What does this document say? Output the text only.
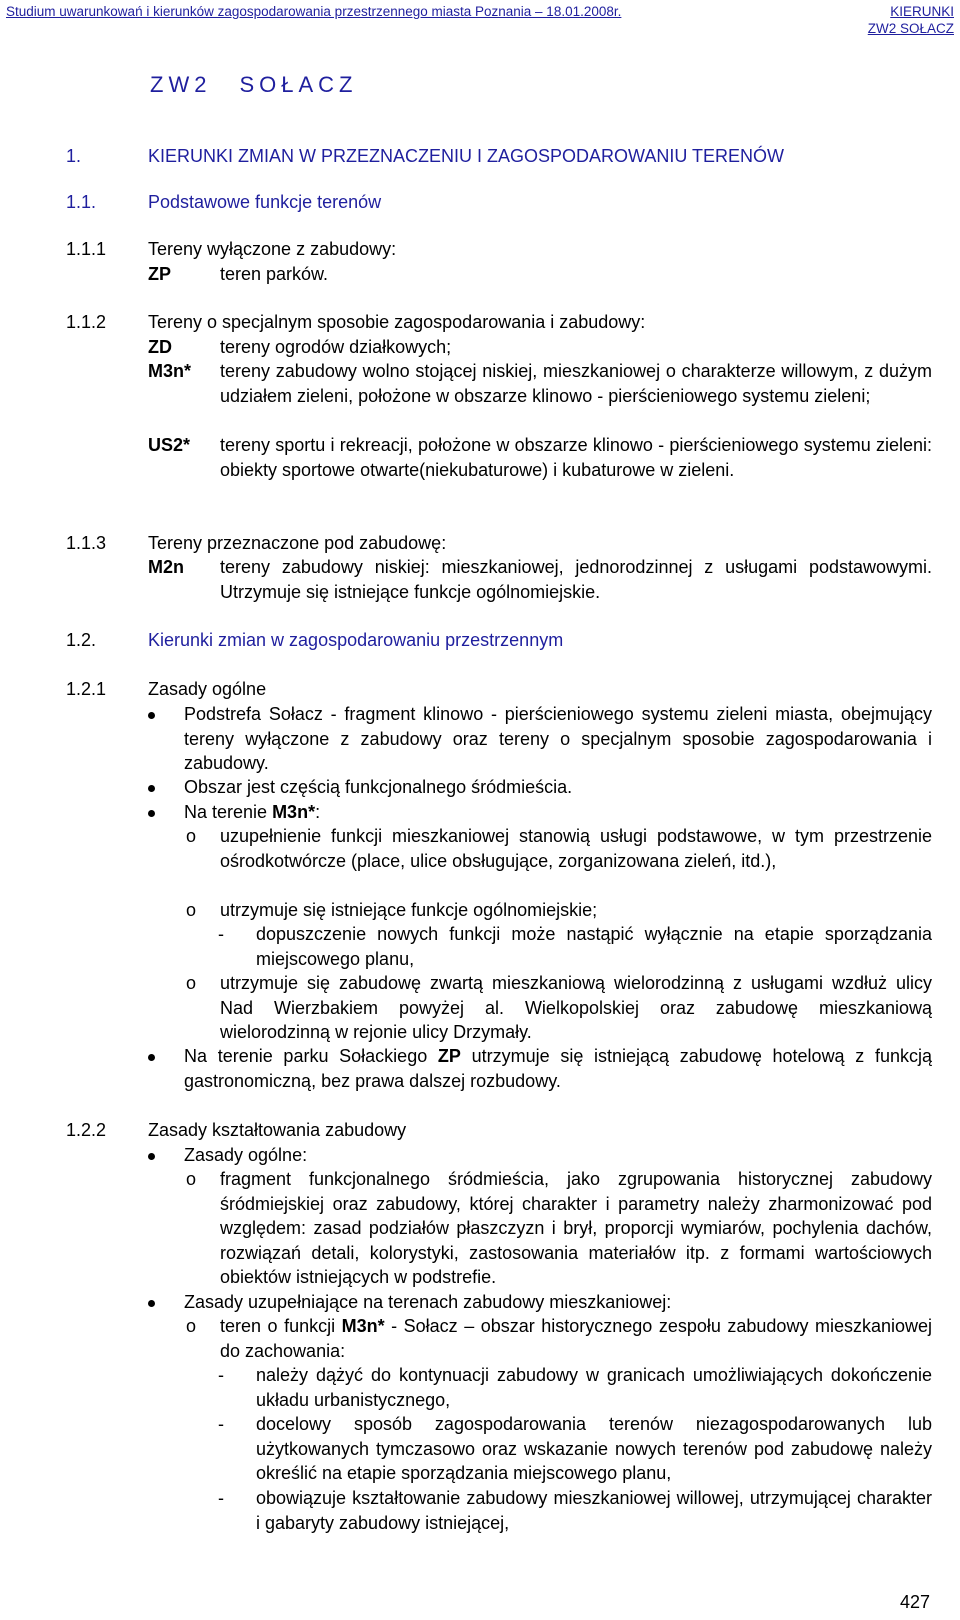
Studium uwarunkowań i kierunków zagospodarowania przestrzennego miasta Poznania – 18.01.2008r.	KIERUNKI
ZW2 SOŁACZ
ZW2 SOŁACZ
1.	KIERUNKI ZMIAN W PRZEZNACZENIU I ZAGOSPODAROWANIU TERENÓW
1.1.	Podstawowe funkcje terenów
1.1.1 Tereny wyłączone z zabudowy:
ZP	teren parków.
1.1.2 Tereny o specjalnym sposobie zagospodarowania i zabudowy:
ZD	tereny ogrodów działkowych;
M3n* tereny zabudowy wolno stojącej niskiej, mieszkaniowej o charakterze willowym, z dużym udziałem zieleni, położone w obszarze klinowo - pierścieniowego systemu zieleni;
US2* tereny sportu i rekreacji, położone w obszarze klinowo - pierścieniowego systemu zieleni: obiekty sportowe otwarte(niekubaturowe) i kubaturowe w zieleni.
1.1.3 Tereny przeznaczone pod zabudowę:
M2n tereny zabudowy niskiej: mieszkaniowej, jednorodzinnej z usługami podstawowymi. Utrzymuje się istniejące funkcje ogólnomiejskie.
1.2.	Kierunki zmian w zagospodarowaniu przestrzennym
1.2.1 Zasady ogólne
Podstrefa Sołacz - fragment klinowo - pierścieniowego systemu zieleni miasta, obejmujący tereny wyłączone z zabudowy oraz tereny o specjalnym sposobie zagospodarowania i zabudowy.
Obszar jest częścią funkcjonalnego śródmieścia.
Na terenie M3n*:
o uzupełnienie funkcji mieszkaniowej stanowią usługi podstawowe, w tym przestrzenie ośrodkotwórcze (place, ulice obsługujące, zorganizowana zieleń, itd.),
o utrzymuje się istniejące funkcje ogólnomiejskie;
- dopuszczenie nowych funkcji może nastąpić wyłącznie na etapie sporządzania miejscowego planu,
o utrzymuje się zabudowę zwartą mieszkaniową wielorodzinną z usługami wzdłuż ulicy Nad Wierzbakiem powyżej al. Wielkopolskiej oraz zabudowę mieszkaniową wielorodzinną w rejonie ulicy Drzymały.
Na terenie parku Sołackiego ZP utrzymuje się istniejącą zabudowę hotelową z funkcją gastronomiczną, bez prawa dalszej rozbudowy.
1.2.2 Zasady kształtowania zabudowy
Zasady ogólne:
o fragment funkcjonalnego śródmieścia, jako zgrupowania historycznej zabudowy śródmiejskiej oraz zabudowy, której charakter i parametry należy zharmonizować pod względem: zasad podziałów płaszczyzn i brył, proporcji wymiarów, pochylenia dachów, rozwiązań detali, kolorystyki, zastosowania materiałów itp. z formami wartościowych obiektów istniejących w podstrefie.
Zasady uzupełniające na terenach zabudowy mieszkaniowej:
o teren o funkcji M3n* - Sołacz – obszar historycznego zespołu zabudowy mieszkaniowej do zachowania:
- należy dążyć do kontynuacji zabudowy w granicach umożliwiających dokończenie układu urbanistycznego,
- docelowy sposób zagospodarowania terenów niezagospodarowanych lub użytkowanych tymczasowo oraz wskazanie nowych terenów pod zabudowę należy określić na etapie sporządzania miejscowego planu,
- obowiązuje kształtowanie zabudowy mieszkaniowej willowej, utrzymującej charakter i gabaryty zabudowy istniejącej,
427
